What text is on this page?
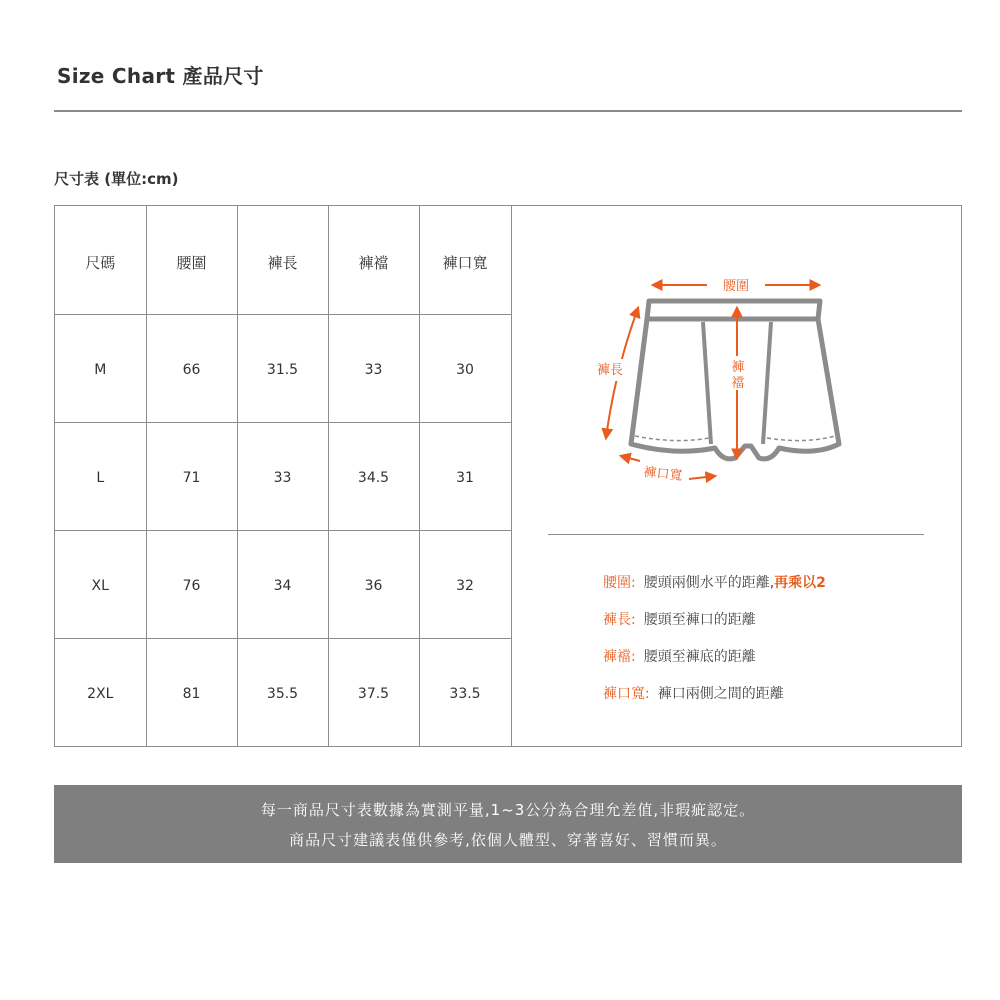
Size Chart 產品尺寸
尺寸表 (單位:cm)
尺碼	腰圍	褲長	褲襠	褲口寬
M	66	31.5	33	30
L	71	33	34.5	31
XL	76	34	36	32
2XL	81	35.5	37.5	33.5
腰圍
褲長	褲
襠
褲口寬
腰圍: 腰頭兩側水平的距離,再乘以2
褲長: 腰頭至褲口的距離
褲襠: 腰頭至褲底的距離
褲口寬: 褲口兩側之間的距離
每一商品尺寸表數據為實測平量,1~3公分為合理允差值,非瑕疵認定。
商品尺寸建議表僅供參考,依個人體型、穿著喜好、習慣而異。
